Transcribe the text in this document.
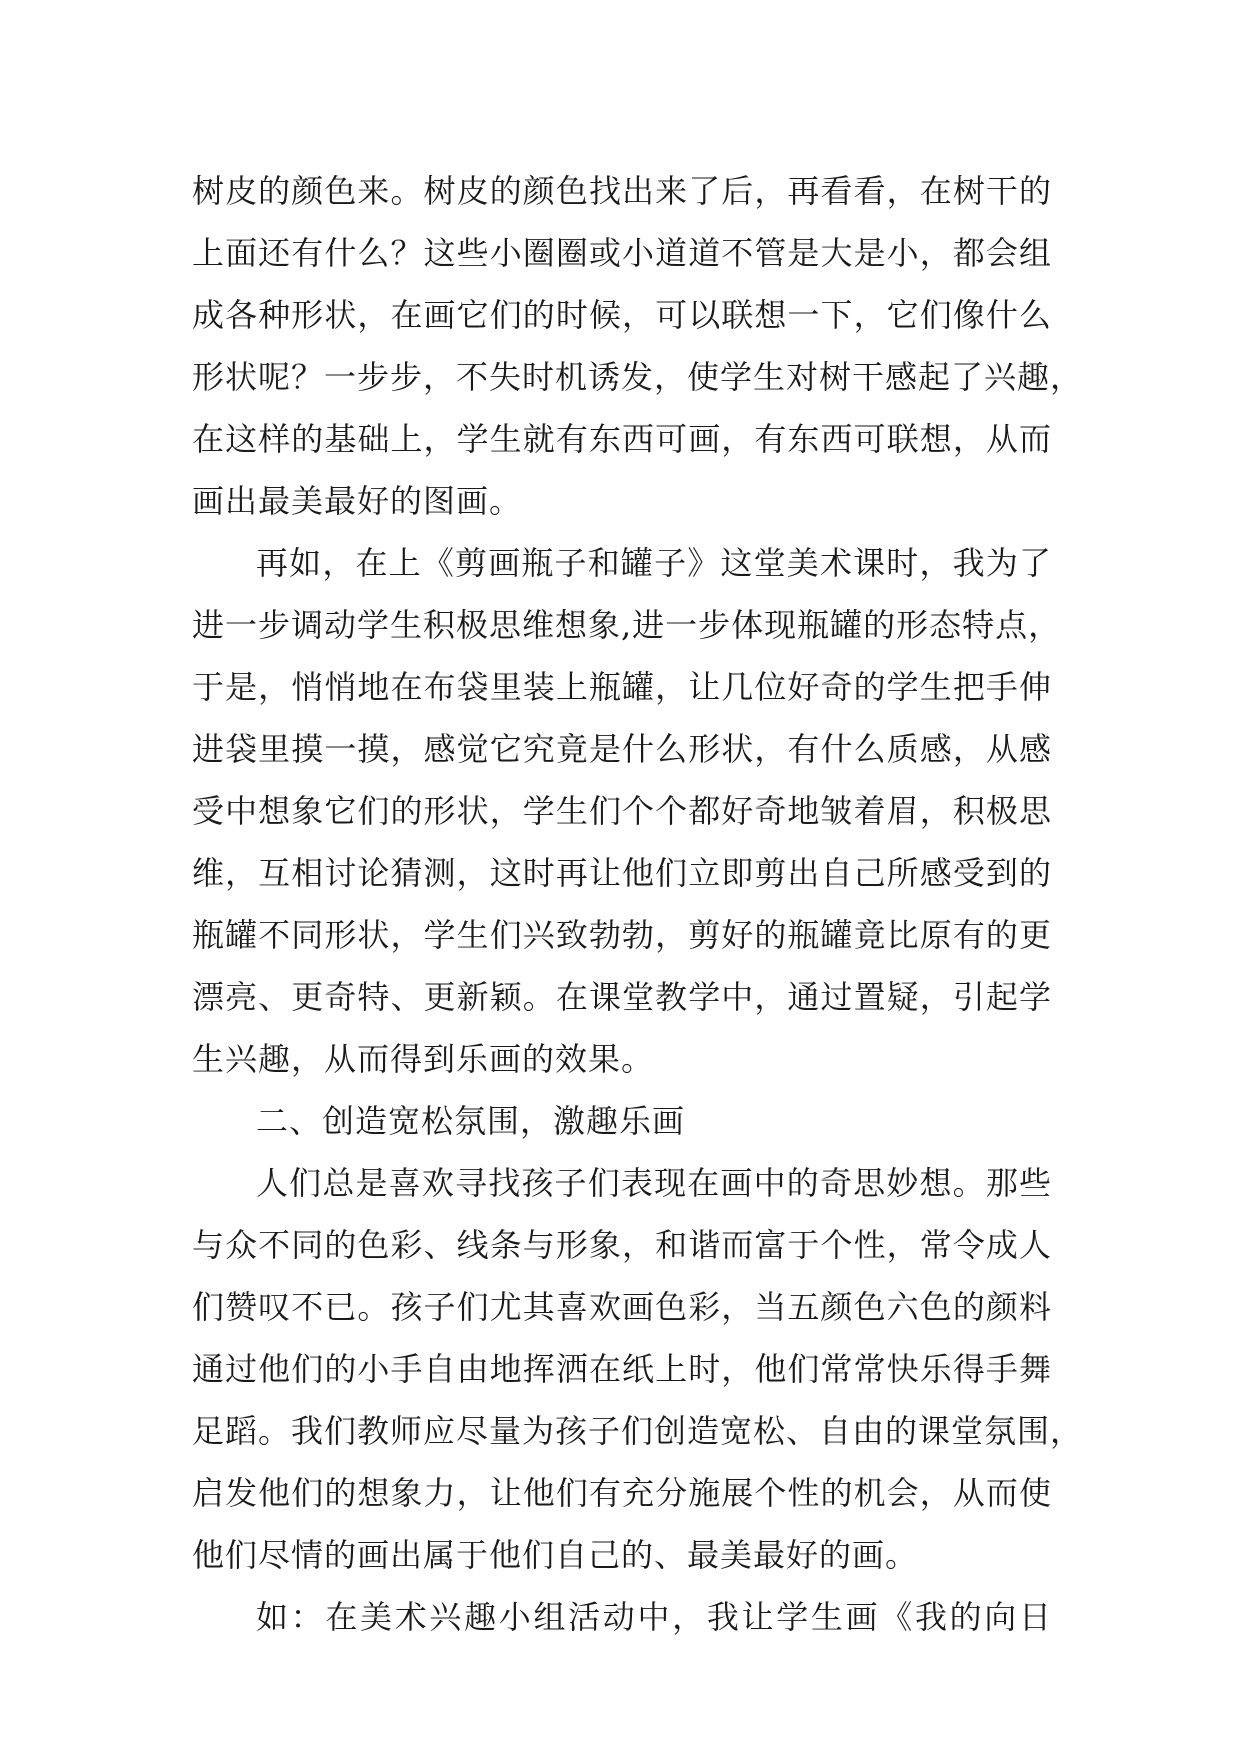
树皮的颜色来。树皮的颜色找出来了后，再看看，在树干的
上面还有什么？这些小圈圈或小道道不管是大是小，都会组
成各种形状，在画它们的时候，可以联想一下，它们像什么
形状呢？一步步，不失时机诱发，使学生对树干感起了兴趣，
在这样的基础上，学生就有东西可画，有东西可联想，从而
画出最美最好的图画。
再如，在上《剪画瓶子和罐子》这堂美术课时，我为了
进一步调动学生积极思维想象,进一步体现瓶罐的形态特点，
于是，悄悄地在布袋里装上瓶罐，让几位好奇的学生把手伸
进袋里摸一摸，感觉它究竟是什么形状，有什么质感，从感
受中想象它们的形状，学生们个个都好奇地皱着眉，积极思
维，互相讨论猜测，这时再让他们立即剪出自己所感受到的
瓶罐不同形状，学生们兴致勃勃，剪好的瓶罐竟比原有的更
漂亮、更奇特、更新颖。在课堂教学中，通过置疑，引起学
生兴趣，从而得到乐画的效果。
二、创造宽松氛围，激趣乐画
人们总是喜欢寻找孩子们表现在画中的奇思妙想。那些
与众不同的色彩、线条与形象，和谐而富于个性，常令成人
们赞叹不已。孩子们尤其喜欢画色彩，当五颜色六色的颜料
通过他们的小手自由地挥洒在纸上时，他们常常快乐得手舞
足蹈。我们教师应尽量为孩子们创造宽松、自由的课堂氛围，
启发他们的想象力，让他们有充分施展个性的机会，从而使
他们尽情的画出属于他们自己的、最美最好的画。
如：在美术兴趣小组活动中，我让学生画《我的向日
